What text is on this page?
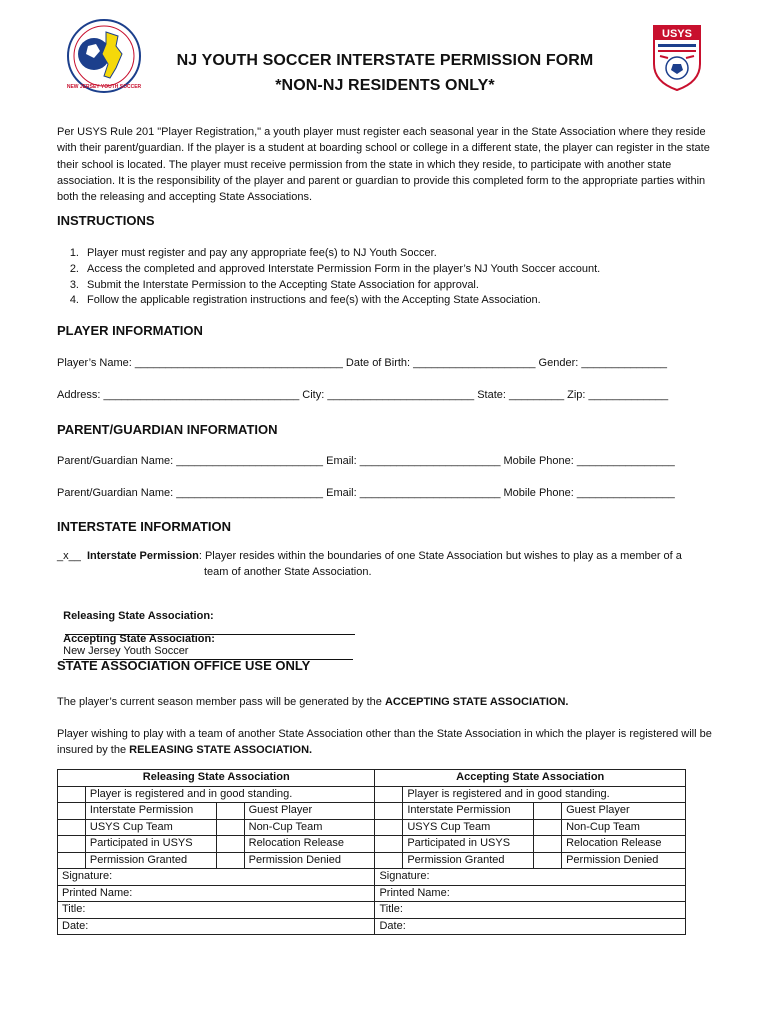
NEW JERSEY YOUTH SOCCER
USYS
NJ YOUTH SOCCER INTERSTATE PERMISSION FORM
*NON-NJ RESIDENTS ONLY*
Per USYS Rule 201 "Player Registration," a youth player must register each seasonal year in the State Association where they reside with their parent/guardian. If the player is a student at boarding school or college in a different state, the player can register in the state their school is located. The player must receive permission from the state in which they reside, to participate with another state association. It is the responsibility of the player and parent or guardian to provide this completed form to the appropriate parties within both the releasing and accepting State Associations.
INSTRUCTIONS
1. Player must register and pay any appropriate fee(s) to NJ Youth Soccer.
2. Access the completed and approved Interstate Permission Form in the player’s NJ Youth Soccer account.
3. Submit the Interstate Permission to the Accepting State Association for approval.
4. Follow the applicable registration instructions and fee(s) with the Accepting State Association.
PLAYER INFORMATION
Player’s Name: __________________________________ Date of Birth: ____________________ Gender: ______________
Address: ________________________________ City: ________________________ State: _________ Zip: _____________
PARENT/GUARDIAN INFORMATION
Parent/Guardian Name: ________________________ Email: _______________________ Mobile Phone: ________________
Parent/Guardian Name: ________________________ Email: _______________________ Mobile Phone: ________________
INTERSTATE INFORMATION
_x__ Interstate Permission: Player resides within the boundaries of one State Association but wishes to play as a member of a
team of another State Association.

Releasing State Association:

Accepting State Association:
New Jersey Youth Soccer

STATE ASSOCIATION OFFICE USE ONLY
The player’s current season member pass will be generated by the ACCEPTING STATE ASSOCIATION.
Player wishing to play with a team of another State Association other than the State Association in which the player is registered will be insured by the RELEASING STATE ASSOCIATION.
Releasing State Association				Accepting State Association			
	Player is registered and in good standing.				Player is registered and in good standing.		
	Interstate Permission		Guest Player		Interstate Permission		Guest Player
	USYS Cup Team		Non-Cup Team		USYS Cup Team		Non-Cup Team
	Participated in USYS		Relocation Release		Participated in USYS		Relocation Release
	Permission Granted		Permission Denied		Permission Granted		Permission Denied
Signature:				Signature:			
Printed Name:				Printed Name:			
Title:				Title:			
Date:				Date:			
